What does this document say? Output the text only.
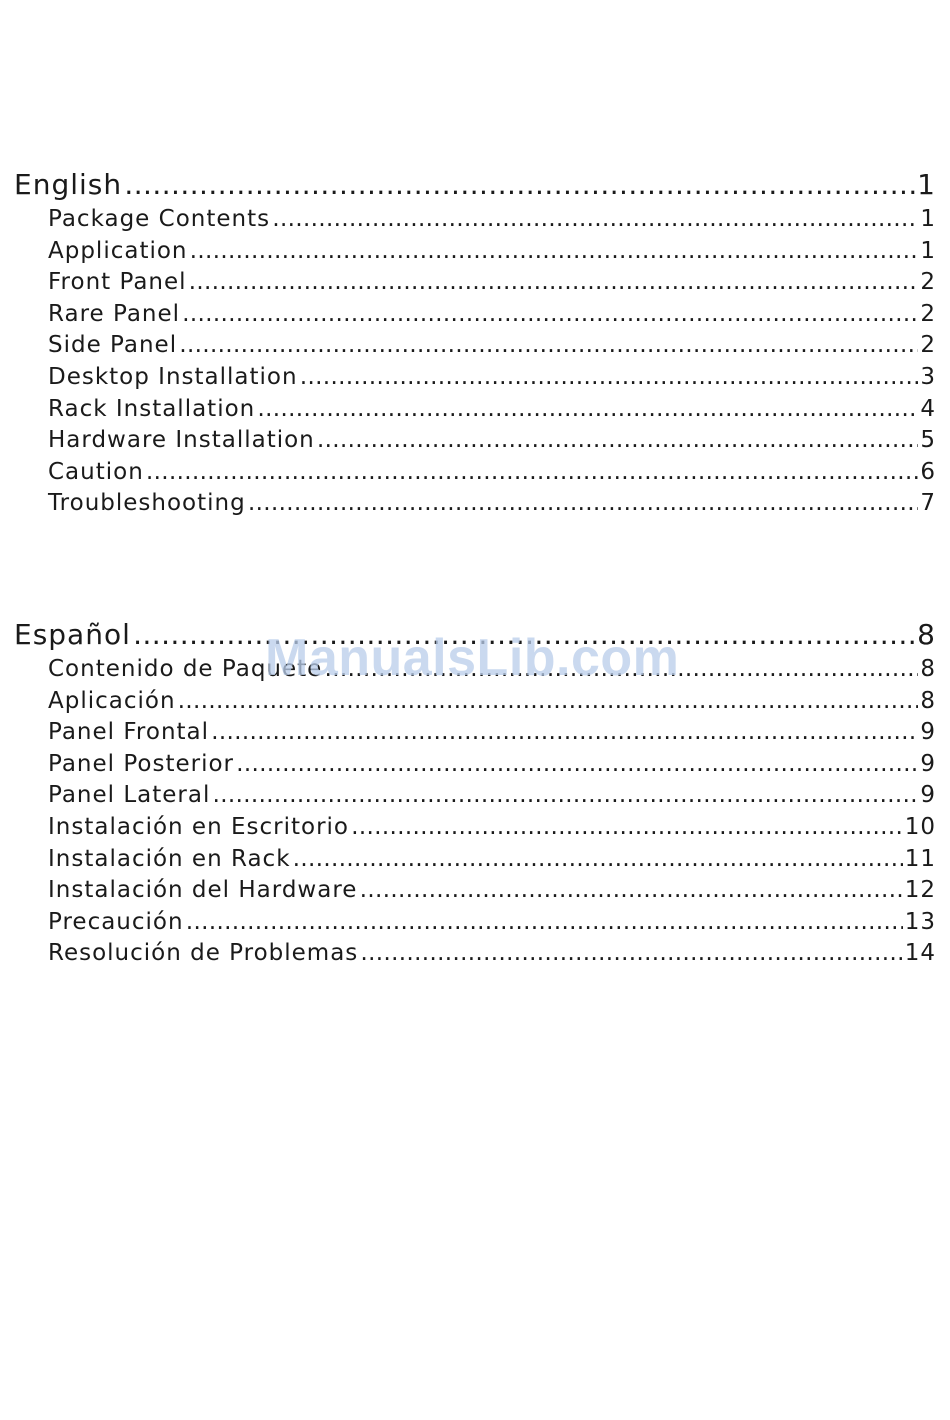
English ……………………………………………………………………………………………………………………………………………………………………………………………………………………	1
Package Contents ……………………………………………………………………………………………………………………………………………………………………………………………………………………	1
Application ……………………………………………………………………………………………………………………………………………………………………………………………………………………	1
Front Panel ……………………………………………………………………………………………………………………………………………………………………………………………………………………	2
Rare Panel ……………………………………………………………………………………………………………………………………………………………………………………………………………………	2
Side Panel ……………………………………………………………………………………………………………………………………………………………………………………………………………………	2
Desktop Installation ……………………………………………………………………………………………………………………………………………………………………………………………………………………	3
Rack Installation ……………………………………………………………………………………………………………………………………………………………………………………………………………………	4
Hardware Installation ……………………………………………………………………………………………………………………………………………………………………………………………………………………	5
Caution ……………………………………………………………………………………………………………………………………………………………………………………………………………………	6
Troubleshooting ……………………………………………………………………………………………………………………………………………………………………………………………………………………	7
Español ……………………………………………………………………………………………………………………………………………………………………………………………………………………	8
Contenido de Paquete ……………………………………………………………………………………………………………………………………………………………………………………………………………………	8
Aplicación ……………………………………………………………………………………………………………………………………………………………………………………………………………………	8
Panel Frontal ……………………………………………………………………………………………………………………………………………………………………………………………………………………	9
Panel Posterior ……………………………………………………………………………………………………………………………………………………………………………………………………………………	9
Panel Lateral ……………………………………………………………………………………………………………………………………………………………………………………………………………………	9
Instalación en Escritorio ……………………………………………………………………………………………………………………………………………………………………………………………………………………	10
Instalación en Rack ……………………………………………………………………………………………………………………………………………………………………………………………………………………	11
Instalación del Hardware ……………………………………………………………………………………………………………………………………………………………………………………………………………………	12
Precaución ……………………………………………………………………………………………………………………………………………………………………………………………………………………	13
Resolución de Problemas ……………………………………………………………………………………………………………………………………………………………………………………………………………………	14
ManualsLib.com
